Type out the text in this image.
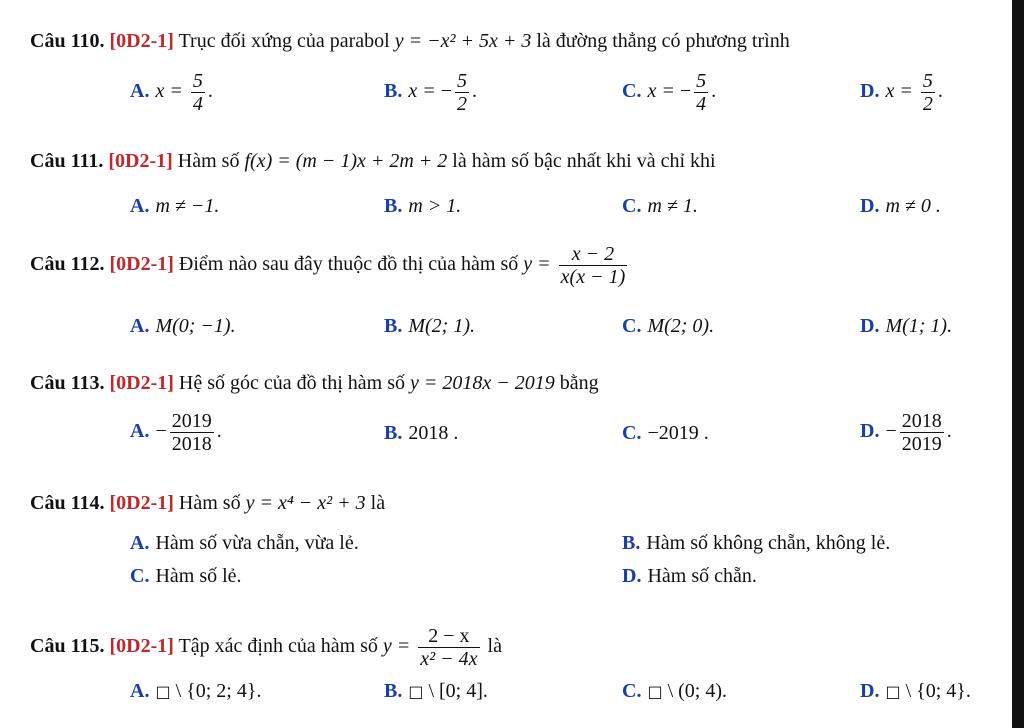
Câu 110. [0D2-1] Trục đối xứng của parabol y = −x² + 5x + 3 là đường thẳng có phương trình
A. $x = \frac{5}{4}$ .	B. x = − $\frac{5}{2}$ .	C. x = − $\frac{5}{4}$ .	D. $x = \frac{5}{2}$ .
Câu 111. [0D2-1] Hàm số f(x) = (m − 1)x + 2m + 2 là hàm số bậc nhất khi và chỉ khi
A. m ≠ −1.	B. m > 1.	C. m ≠ 1.	D. m ≠ 0 .
Câu 112. [0D2-1] Điểm nào sau đây thuộc đồ thị của hàm số $y = \frac{x - 2}{x(x - 1)}$
A. M(0; −1).	B. M(2; 1).	C. M(2; 0).	D. M(1; 1).
Câu 113. [0D2-1] Hệ số góc của đồ thị hàm số y = 2018x − 2019 bằng
A. − $\frac{2019}{2018}$ .	B. 2018 .	C. −2019 .	D. − $\frac{2018}{2019}$ .
Câu 114. [0D2-1] Hàm số y = x⁴ − x² + 3 là
A. Hàm số vừa chẵn, vừa lẻ.	B. Hàm số không chẵn, không lẻ.
C. Hàm số lẻ.	D. Hàm số chẵn.
Câu 115. [0D2-1] Tập xác định của hàm số $y = \frac{2 - x}{\text{x² − 4x}}$ là
A. □ \ {0; 2; 4}.	B. □ \ [0; 4].	C. □ \ (0; 4).	D. □ \ {0; 4}.
